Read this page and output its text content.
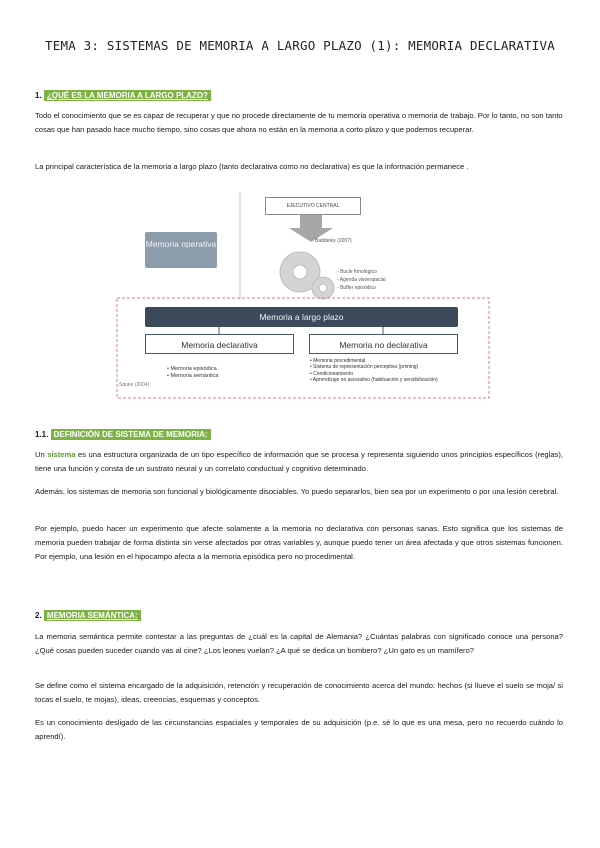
TEMA 3: SISTEMAS DE MEMORIA A LARGO PLAZO (1): MEMORIA DECLARATIVA
1. ¿QUÉ ES LA MEMORIA A LARGO PLAZO?

Todo el conocimiento que se es capaz de recuperar y que no procede directamente de tu memoria operativa o memoria de trabajo. Por lo tanto, no son tanto cosas que han pasado hace mucho tiempo, sino cosas que ahora no están en la memoria a corto plazo y que podemos recuperar.

La principal característica de la memoria a largo plazo (tanto declarativa como no declarativa) es que la información permanece .

EJECUTIVO CENTRAL
Memoria operativa	Baddeley (2007)
- Bucle fonológico
- Agenda visoespacial
- Buffer episódico
Memoria a largo plazo
Memoria declarativa	Memoria no declarativa
• Memoria episódica
• Memoria semántica
• Memoria procedimental
• Sistema de representación perceptiva (priming)
• Condicionamiento
• Aprendizaje no asociativo (habituación y sensibilización)
Squire (2004)
1.1. DEFINICIÓN DE SISTEMA DE MEMORIA:

Un sistema es una estructura organizada de un tipo específico de información que se procesa y representa siguiendo unos principios específicos (reglas), tiene una función y consta de un sustrato neural y un correlato conductual y cognitivo determinado.

Además, los sistemas de memoria son funcional y biológicamente disociables. Yo puedo separarlos, bien sea por un experimento o por una lesión cerebral.

Por ejemplo, puedo hacer un experimento que afecte solamente a la memoria no declarativa con personas sanas. Esto significa que los sistemas de memoria pueden trabajar de forma distinta sin verse afectados por otras variables y, aunque puedo tener un área afectada y que otros sistemas funcionen. Por ejemplo, una lesión en el hipocampo afecta a la memoria episódica pero no procedimental.

2. MEMORIA SEMÁNTICA:

La memoria semántica permite contestar a las preguntas de ¿cuál es la capital de Alemania? ¿Cuántas palabras con significado conoce una persona? ¿Qué cosas pueden suceder cuando vas al cine? ¿Los leones vuelan? ¿A qué se dedica un bombero? ¿Un gato es un mamífero?

Se define como el sistema encargado de la adquisición, retención y recuperación de conocimiento acerca del mundo: hechos (si llueve el suelo se moja/ si tocas el suelo, te mojas), ideas, creencias, esquemas y conceptos.

Es un conocimiento desligado de las circunstancias espaciales y temporales de su adquisición (p.e. sé lo que es una mesa, pero no recuerdo cuándo lo aprendí).
